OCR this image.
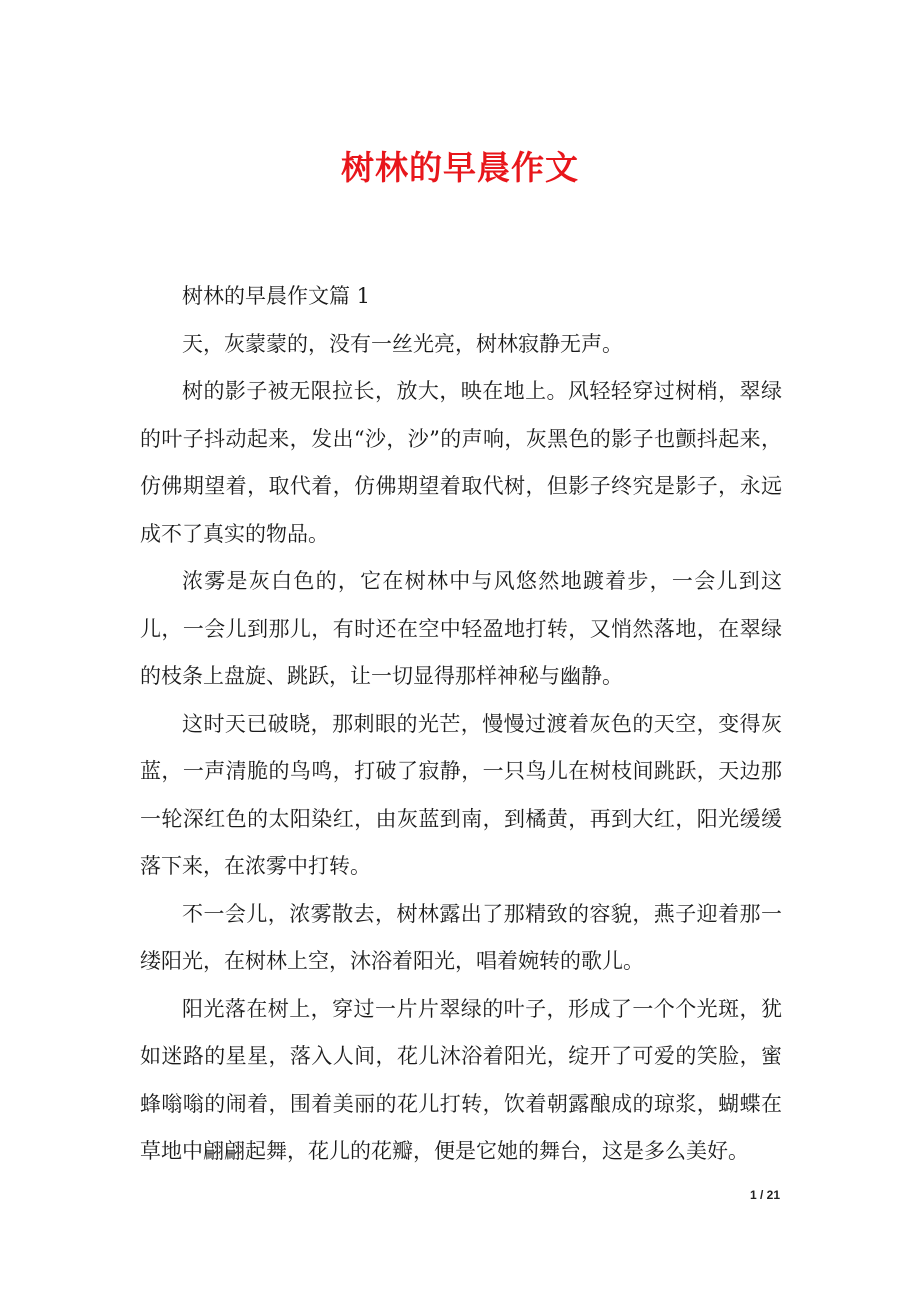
树林的早晨作文

树林的早晨作文篇 1

天，灰蒙蒙的，没有一丝光亮，树林寂静无声。

树的影子被无限拉长，放大，映在地上。风轻轻穿过树梢，翠绿的叶子抖动起来，发出“沙，沙”的声响，灰黑色的影子也颤抖起来，仿佛期望着，取代着，仿佛期望着取代树，但影子终究是影子，永远成不了真实的物品。

浓雾是灰白色的，它在树林中与风悠然地踱着步，一会儿到这儿，一会儿到那儿，有时还在空中轻盈地打转，又悄然落地，在翠绿的枝条上盘旋、跳跃，让一切显得那样神秘与幽静。

这时天已破晓，那刺眼的光芒，慢慢过渡着灰色的天空，变得灰蓝，一声清脆的鸟鸣，打破了寂静，一只鸟儿在树枝间跳跃，天边那一轮深红色的太阳染红，由灰蓝到南，到橘黄，再到大红，阳光缓缓落下来，在浓雾中打转。

不一会儿，浓雾散去，树林露出了那精致的容貌，燕子迎着那一缕阳光，在树林上空，沐浴着阳光，唱着婉转的歌儿。

阳光落在树上，穿过一片片翠绿的叶子，形成了一个个光斑，犹如迷路的星星，落入人间，花儿沐浴着阳光，绽开了可爱的笑脸，蜜蜂嗡嗡的闹着，围着美丽的花儿打转，饮着朝露酿成的琼浆，蝴蝶在草地中翩翩起舞，花儿的花瓣，便是它她的舞台，这是多么美好。

1 / 21
